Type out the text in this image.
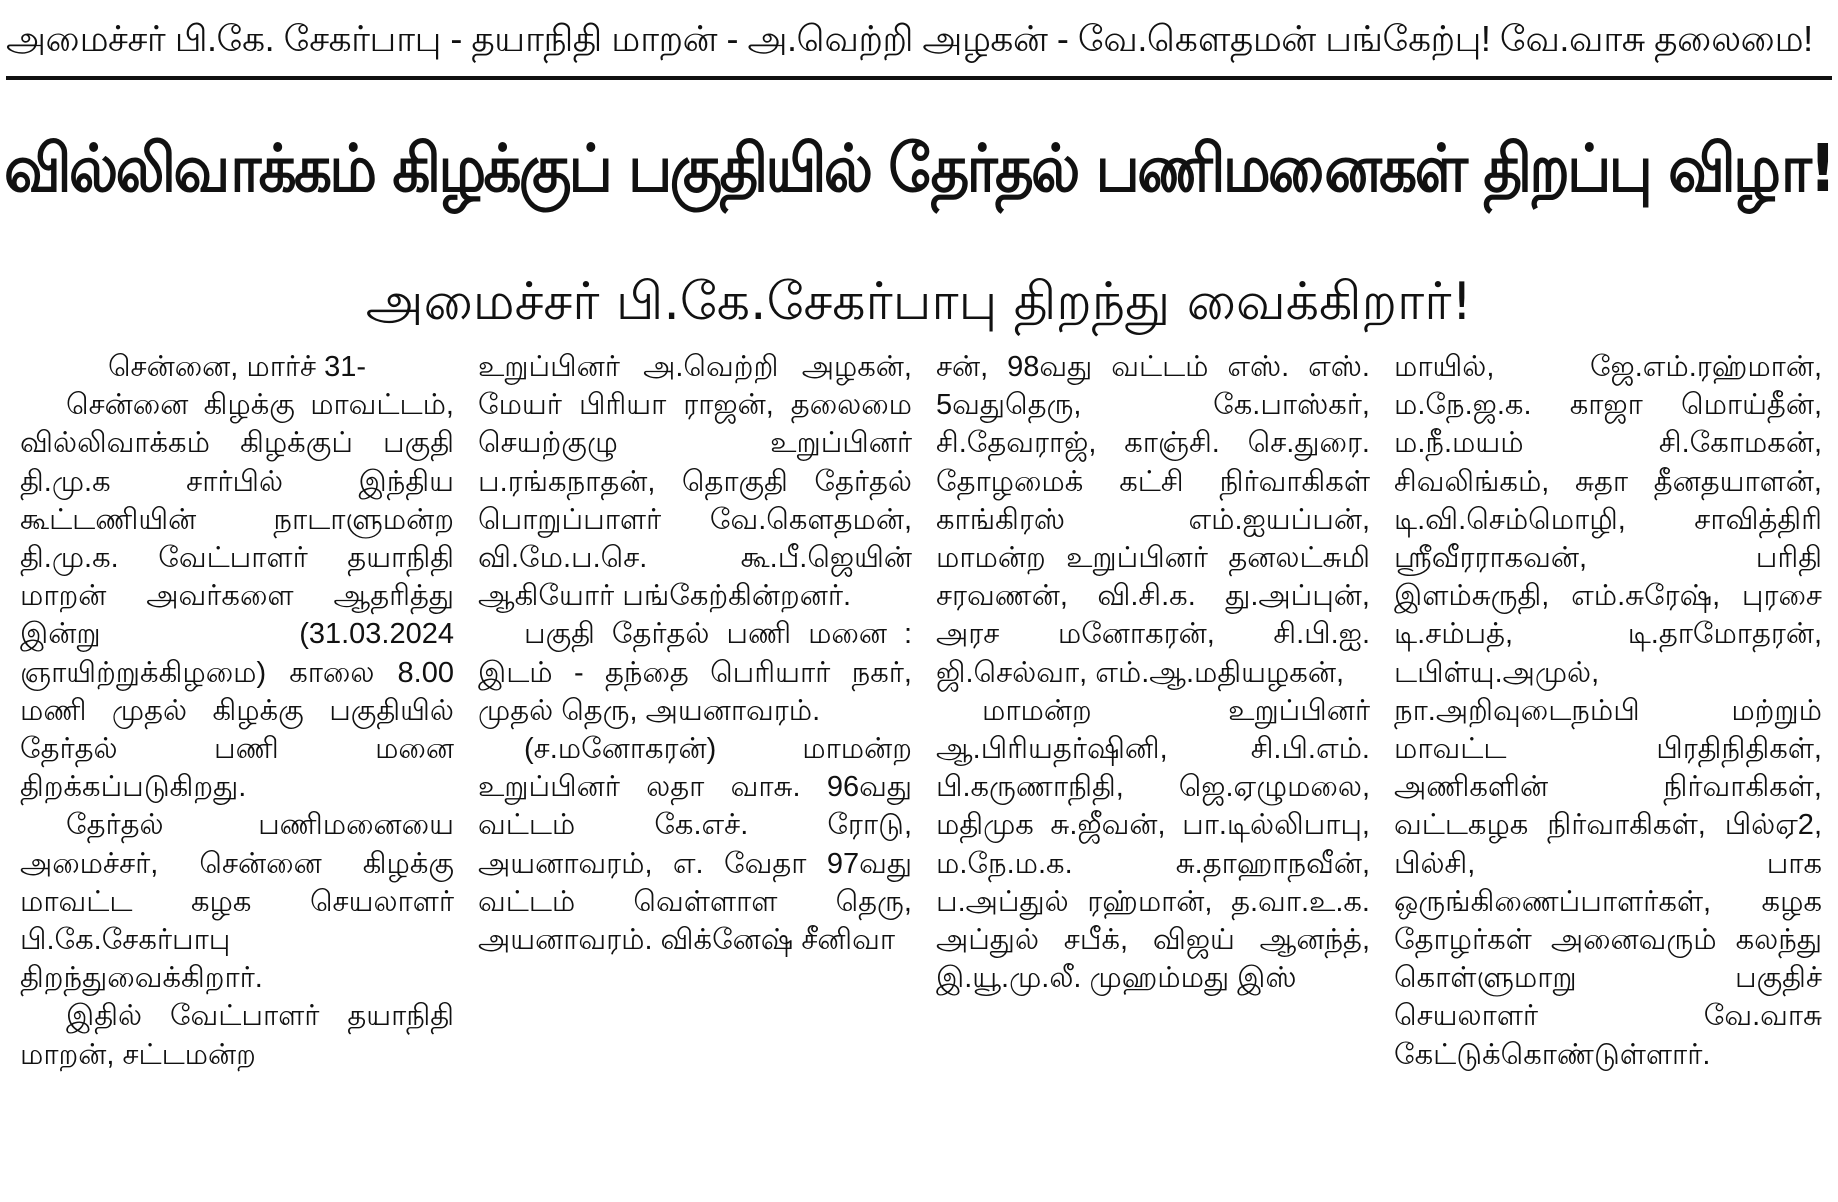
அமைச்சர் பி.கே. சேகர்பாபு - தயாநிதி மாறன் - அ.வெற்றி அழகன் - வே.கௌதமன் பங்கேற்பு! வே.வாசு தலைமை!
வில்லிவாக்கம் கிழக்குப் பகுதியில் தேர்தல் பணிமனைகள் திறப்பு விழா!
அமைச்சர் பி.கே.சேகர்பாபு திறந்து வைக்கிறார்!

சென்னை, மார்ச் 31-

சென்னை கிழக்கு மாவட்டம், வில்லிவாக்கம் கிழக்குப் பகுதி தி.மு.க சார்பில் இந்திய கூட்டணியின் நாடாளுமன்ற தி.மு.க. வேட்பாளர் தயாநிதி மாறன் அவர்களை ஆதரித்து இன்று (31.03.2024 ஞாயிற்றுக்கிழமை) காலை 8.00 மணி முதல் கிழக்கு பகுதியில் தேர்தல் பணி மனை திறக்கப்படுகிறது.

தேர்தல் பணிமனையை அமைச்சர், சென்னை கிழக்கு மாவட்ட கழக செயலாளர் பி.கே.சேகர்பாபு திறந்துவைக்கிறார்.

இதில் வேட்பாளர் தயாநிதி மாறன், சட்டமன்ற

உறுப்பினர் அ.வெற்றி அழகன், மேயர் பிரியா ராஜன், தலைமை செயற்குழு உறுப்பினர் ப.ரங்கநாதன், தொகுதி தேர்தல் பொறுப்பாளர் வே.கௌதமன், வி.மே.ப.செ. கூ.பீ.ஜெயின் ஆகியோர் பங்கேற்கின்றனர்.

பகுதி தேர்தல் பணி மனை : இடம் - தந்தை பெரியார் நகர், முதல் தெரு, அயனாவரம்.

(ச.மனோகரன்) மாமன்ற உறுப்பினர் லதா வாசு. 96வது வட்டம் கே.எச். ரோடு, அயனாவரம், எ. வேதா 97வது வட்டம் வெள்ளாள தெரு, அயனாவரம். விக்னேஷ் சீனிவா

சன், 98வது வட்டம் எஸ். எஸ். 5வதுதெரு, கே.பாஸ்கர், சி.தேவராஜ், காஞ்சி. செ.துரை. தோழமைக் கட்சி நிர்வாகிகள் காங்கிரஸ் எம்.ஐயப்பன், மாமன்ற உறுப்பினர் தனலட்சுமி சரவணன், வி.சி.க. து.அப்புன், அரச மனோகரன், சி.பி.ஐ. ஜி.செல்வா, எம்.ஆ.மதியழகன்,

மாமன்ற உறுப்பினர் ஆ.பிரியதர்ஷினி, சி.பி.எம். பி.கருணாநிதி, ஜெ.ஏழுமலை, மதிமுக சு.ஜீவன், பா.டில்லிபாபு, ம.நே.ம.க. சு.தாஹாநவீன், ப.அப்துல் ரஹ்மான், த.வா.உ.க. அப்துல் சபீக், விஜய் ஆனந்த், இ.யூ.மு.லீ. முஹம்மது இஸ்

மாயில், ஜே.எம்.ரஹ்மான், ம.நே.ஜ.க. காஜா மொய்தீன், ம.நீ.மயம் சி.கோமகன், சிவலிங்கம், சுதா தீனதயாளன், டி.வி.செம்மொழி, சாவித்திரி ஸ்ரீவீரராகவன், பரிதி இளம்சுருதி, எம்.சுரேஷ், புரசை டி.சம்பத், டி.தாமோதரன், டபிள்யு.அமுல், நா.அறிவுடைநம்பி மற்றும் மாவட்ட பிரதிநிதிகள், அணிகளின் நிர்வாகிகள், வட்டகழக நிர்வாகிகள், பில்ஏ2, பில்சி, பாக ஒருங்கிணைப்பாளர்கள், கழக தோழர்கள் அனைவரும் கலந்து கொள்ளுமாறு பகுதிச் செயலாளர் வே.வாசு கேட்டுக்கொண்டுள்ளார்.
